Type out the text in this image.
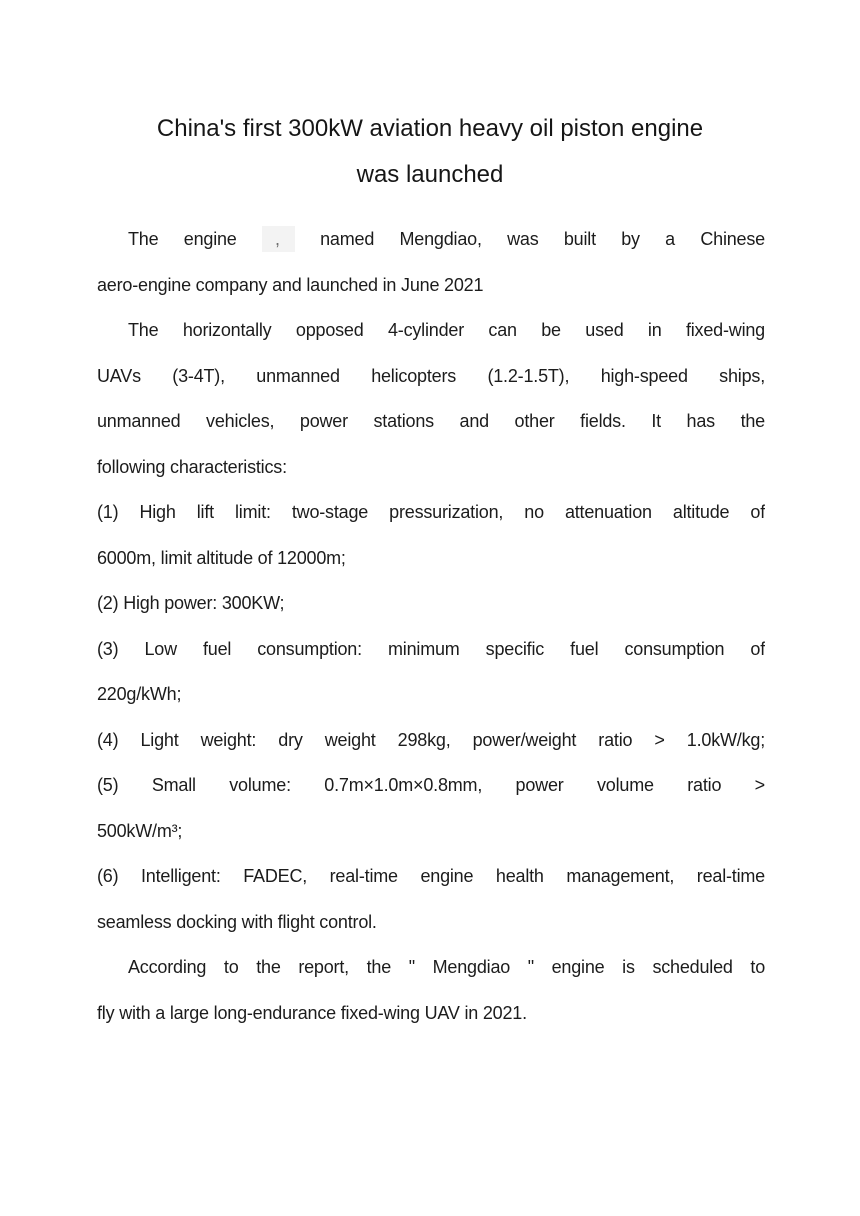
China's first 300kW aviation heavy oil piston engine
was launched
The engine , named Mengdiao, was built by a Chinese
aero-engine company and launched in June 2021
The horizontally opposed 4-cylinder can be used in fixed-wing
UAVs (3-4T), unmanned helicopters (1.2-1.5T), high-speed ships,
unmanned vehicles, power stations and other fields. It has the
following characteristics:
(1) High lift limit: two-stage pressurization, no attenuation altitude of
6000m, limit altitude of 12000m;
(2) High power: 300KW;
(3) Low fuel consumption: minimum specific fuel consumption of
220g/kWh;
(4) Light weight: dry weight 298kg, power/weight ratio > 1.0kW/kg;
(5) Small volume: 0.7m×1.0m×0.8mm, power volume ratio >
500kW/m³;
(6) Intelligent: FADEC, real-time engine health management, real-time
seamless docking with flight control.
According to the report, the " Mengdiao " engine is scheduled to
fly with a large long-endurance fixed-wing UAV in 2021.
